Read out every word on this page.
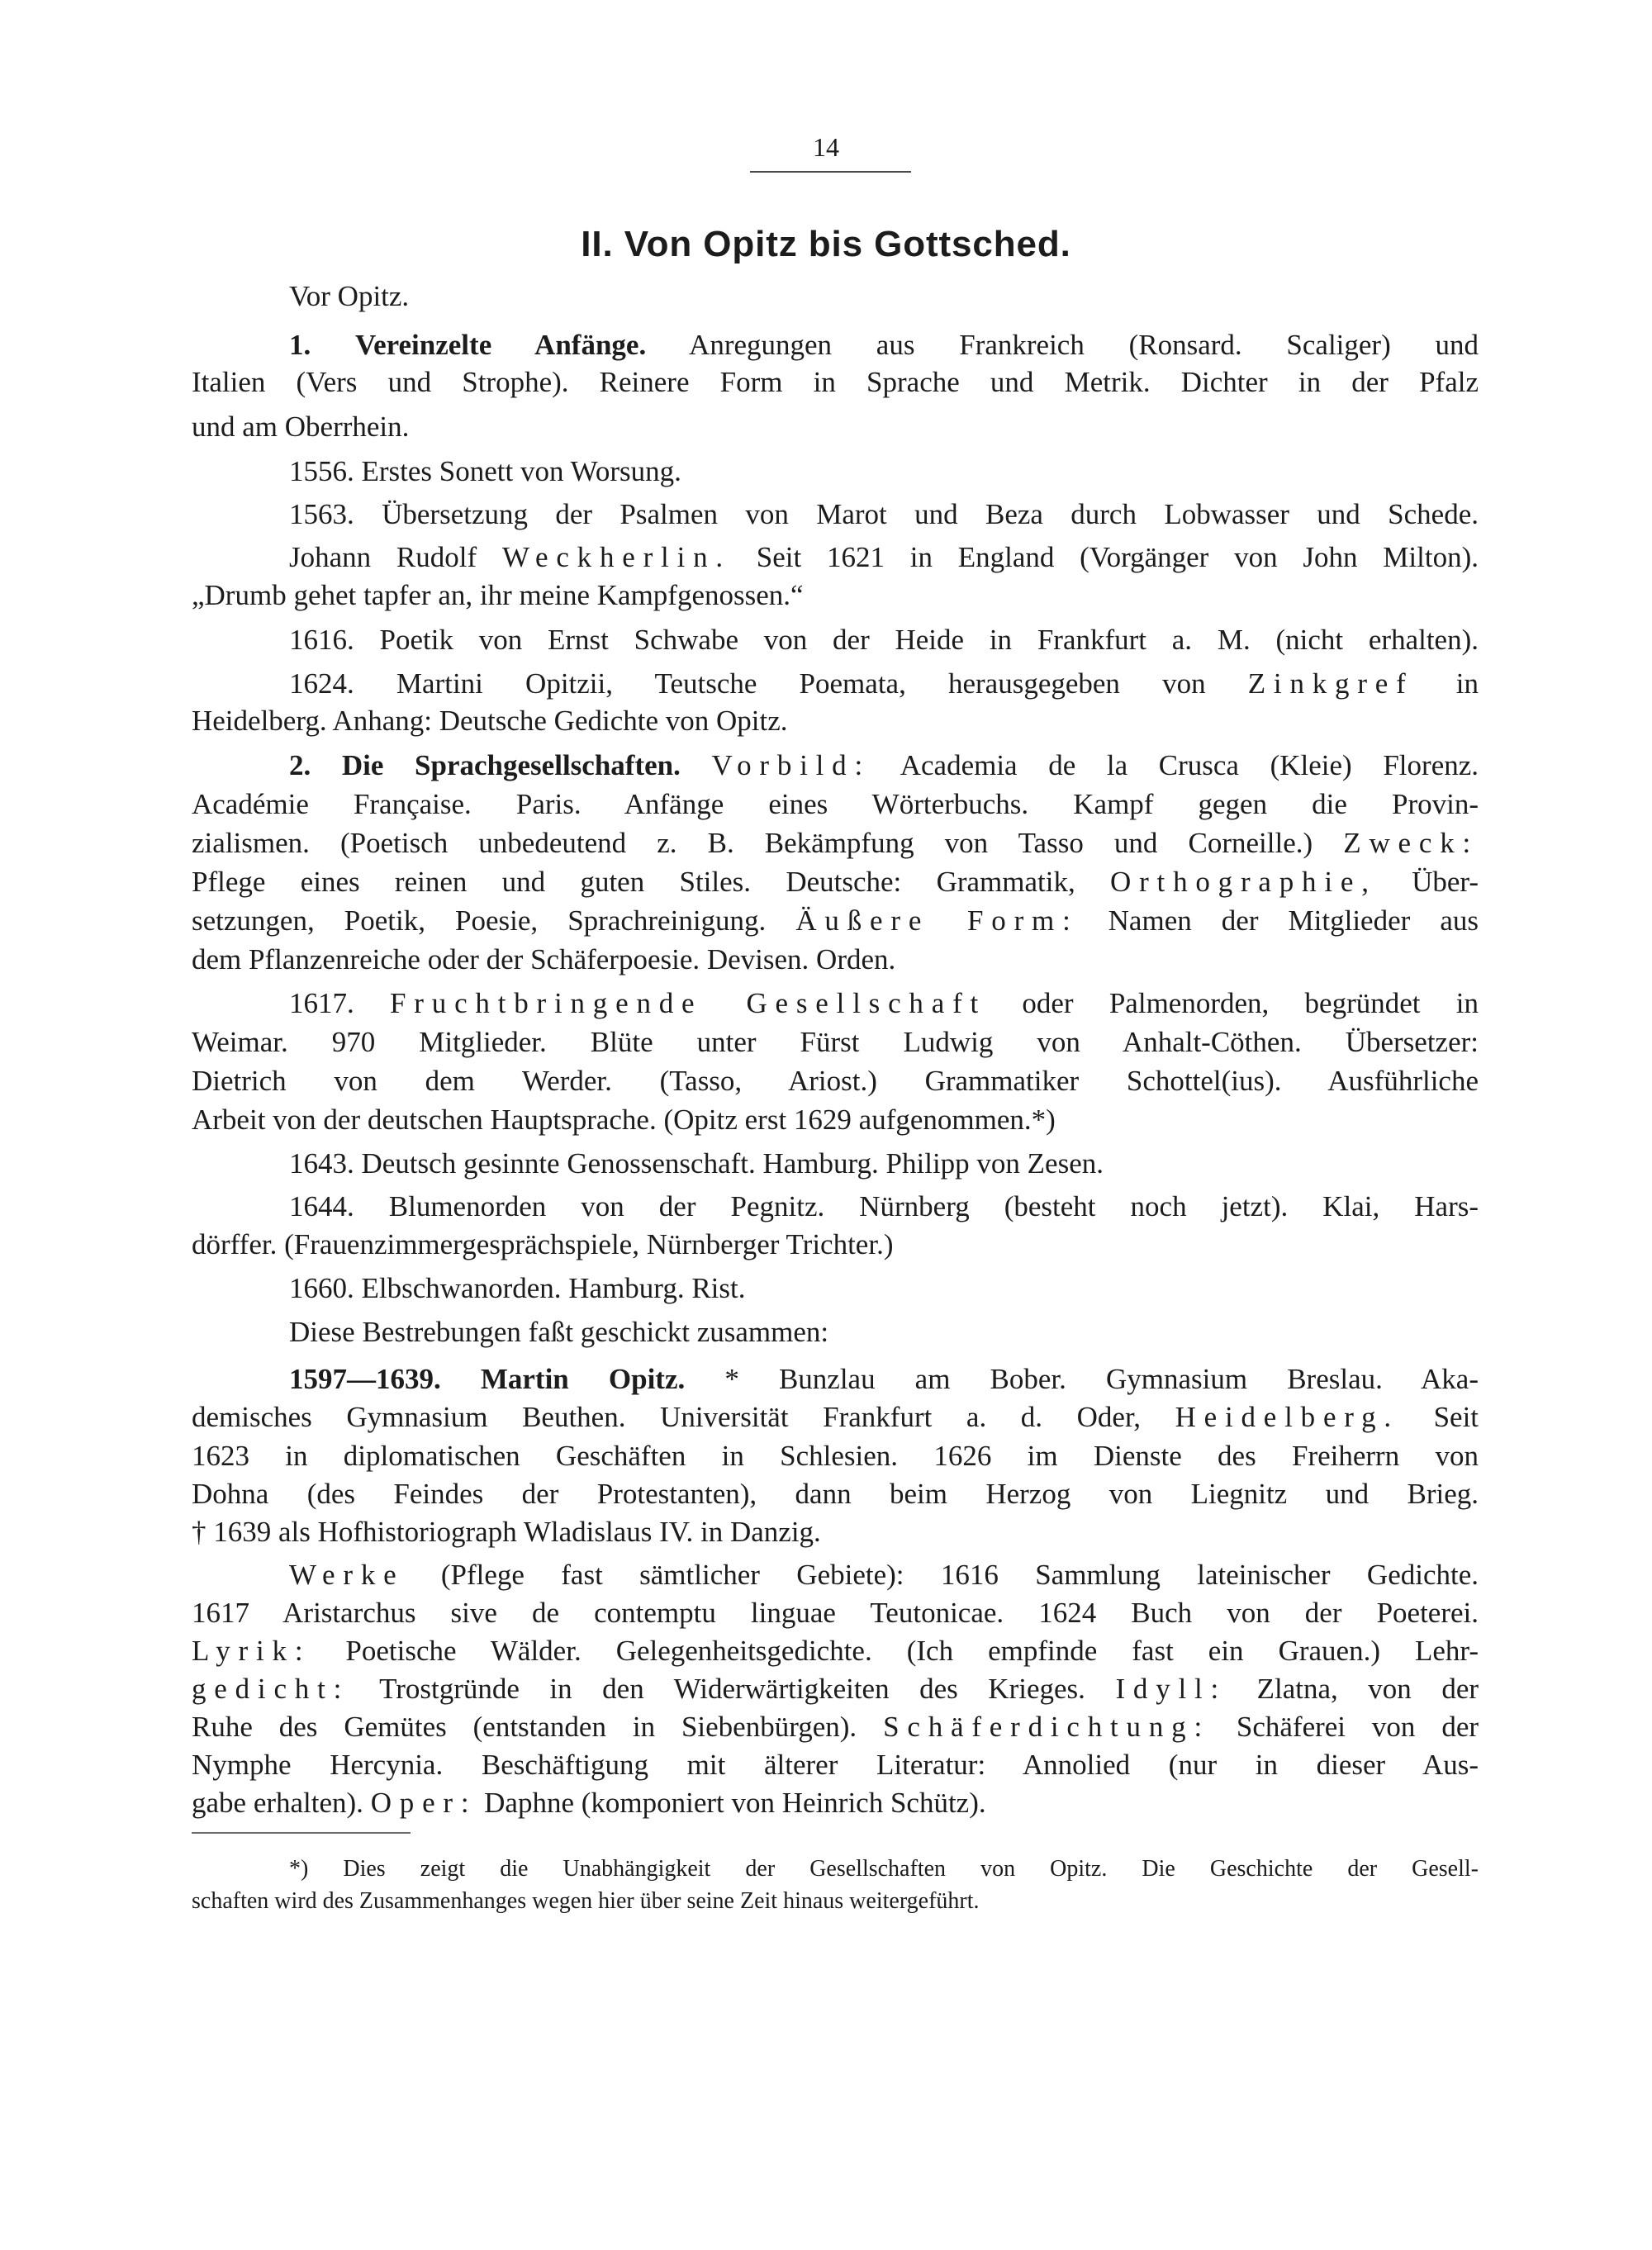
14
II. Von Opitz bis Gottsched.
Vor Opitz.
1. Vereinzelte Anfänge. Anregungen aus Frankreich (Ronsard. Scaliger) und
Italien (Vers und Strophe). Reinere Form in Sprache und Metrik. Dichter in der Pfalz
und am Oberrhein.
1556. Erstes Sonett von Worsung.
1563. Übersetzung der Psalmen von Marot und Beza durch Lobwasser und Schede.
Johann Rudolf Weckherlin. Seit 1621 in England (Vorgänger von John Milton).
„Drumb gehet tapfer an, ihr meine Kampfgenossen.“
1616. Poetik von Ernst Schwabe von der Heide in Frankfurt a. M. (nicht erhalten).
1624. Martini Opitzii, Teutsche Poemata, herausgegeben von Zinkgref in
Heidelberg. Anhang: Deutsche Gedichte von Opitz.
2. Die Sprachgesellschaften. Vorbild: Academia de la Crusca (Kleie) Florenz.
Académie Française. Paris. Anfänge eines Wörterbuchs. Kampf gegen die Provin-
zialismen. (Poetisch unbedeutend z. B. Bekämpfung von Tasso und Corneille.) Zweck:
Pflege eines reinen und guten Stiles. Deutsche: Grammatik, Orthographie, Über-
setzungen, Poetik, Poesie, Sprachreinigung. Äußere Form: Namen der Mitglieder aus
dem Pflanzenreiche oder der Schäferpoesie. Devisen. Orden.
1617. Fruchtbringende Gesellschaft oder Palmenorden, begründet in
Weimar. 970 Mitglieder. Blüte unter Fürst Ludwig von Anhalt-Cöthen. Übersetzer:
Dietrich von dem Werder. (Tasso, Ariost.) Grammatiker Schottel(ius). Ausführliche
Arbeit von der deutschen Hauptsprache. (Opitz erst 1629 aufgenommen.*)
1643. Deutsch gesinnte Genossenschaft. Hamburg. Philipp von Zesen.
1644. Blumenorden von der Pegnitz. Nürnberg (besteht noch jetzt). Klai, Hars-
dörffer. (Frauenzimmergesprächspiele, Nürnberger Trichter.)
1660. Elbschwanorden. Hamburg. Rist.
Diese Bestrebungen faßt geschickt zusammen:
1597—1639. Martin Opitz. * Bunzlau am Bober. Gymnasium Breslau. Aka-
demisches Gymnasium Beuthen. Universität Frankfurt a. d. Oder, Heidelberg. Seit
1623 in diplomatischen Geschäften in Schlesien. 1626 im Dienste des Freiherrn von
Dohna (des Feindes der Protestanten), dann beim Herzog von Liegnitz und Brieg.
† 1639 als Hofhistoriograph Wladislaus IV. in Danzig.
Werke (Pflege fast sämtlicher Gebiete): 1616 Sammlung lateinischer Gedichte.
1617 Aristarchus sive de contemptu linguae Teutonicae. 1624 Buch von der Poeterei.
Lyrik: Poetische Wälder. Gelegenheitsgedichte. (Ich empfinde fast ein Grauen.) Lehr-
gedicht: Trostgründe in den Widerwärtigkeiten des Krieges. Idyll: Zlatna, von der
Ruhe des Gemütes (entstanden in Siebenbürgen). Schäferdichtung: Schäferei von der
Nymphe Hercynia. Beschäftigung mit älterer Literatur: Annolied (nur in dieser Aus-
gabe erhalten). Oper: Daphne (komponiert von Heinrich Schütz).
*) Dies zeigt die Unabhängigkeit der Gesellschaften von Opitz. Die Geschichte der Gesell-
schaften wird des Zusammenhanges wegen hier über seine Zeit hinaus weitergeführt.
